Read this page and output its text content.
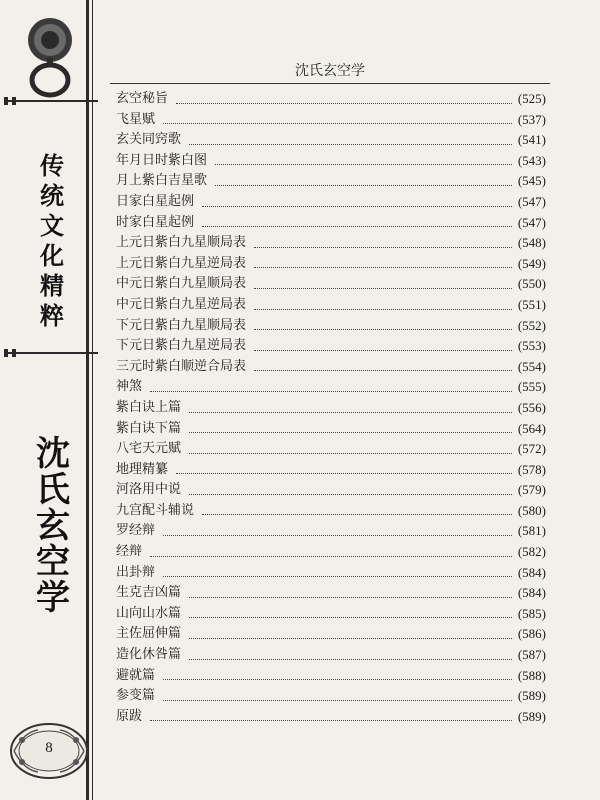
传统文化精粹
沈氏玄空学
8
沈氏玄空学
玄空秘旨	(525)
飞星赋	(537)
玄关同窍歌	(541)
年月日时紫白图	(543)
月上紫白吉星歌	(545)
日家白星起例	(547)
时家白星起例	(547)
上元日紫白九星顺局表	(548)
上元日紫白九星逆局表	(549)
中元日紫白九星顺局表	(550)
中元日紫白九星逆局表	(551)
下元日紫白九星顺局表	(552)
下元日紫白九星逆局表	(553)
三元时紫白顺逆合局表	(554)
神煞	(555)
紫白诀上篇	(556)
紫白诀下篇	(564)
八宅天元赋	(572)
地理精纂	(578)
河洛用中说	(579)
九宫配斗辅说	(580)
罗经辩	(581)
经辩	(582)
出卦辩	(584)
生克吉凶篇	(584)
山向山水篇	(585)
主佐屈伸篇	(586)
造化休咎篇	(587)
避就篇	(588)
参变篇	(589)
原跋	(589)
